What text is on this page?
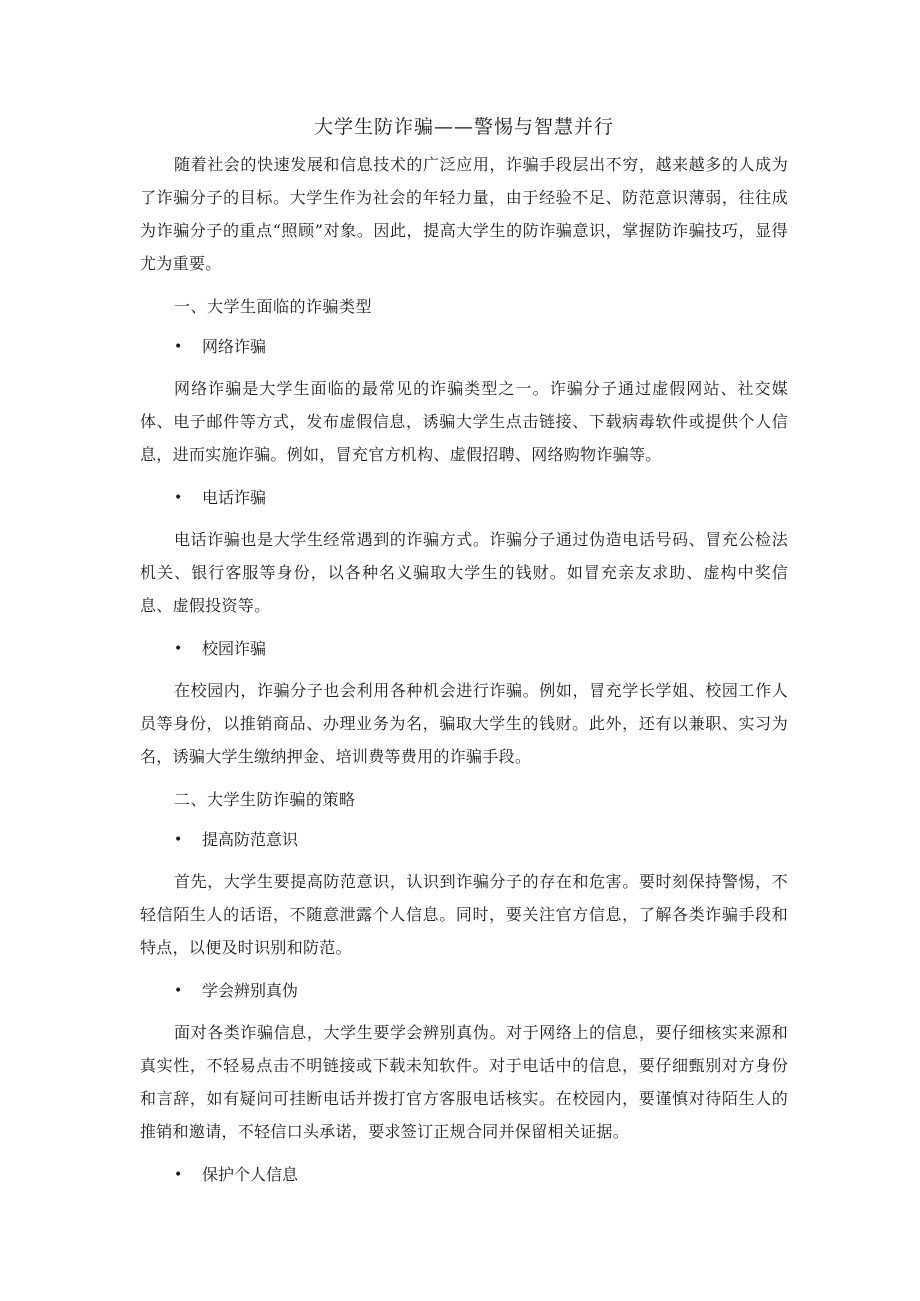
大学生防诈骗——警惕与智慧并行

随着社会的快速发展和信息技术的广泛应用，诈骗手段层出不穷，越来越多的人成为了诈骗分子的目标。大学生作为社会的年轻力量，由于经验不足、防范意识薄弱，往往成为诈骗分子的重点“照顾”对象。因此，提高大学生的防诈骗意识，掌握防诈骗技巧，显得尤为重要。

一、大学生面临的诈骗类型
•	网络诈骗

网络诈骗是大学生面临的最常见的诈骗类型之一。诈骗分子通过虚假网站、社交媒体、电子邮件等方式，发布虚假信息，诱骗大学生点击链接、下载病毒软件或提供个人信息，进而实施诈骗。例如，冒充官方机构、虚假招聘、网络购物诈骗等。

•	电话诈骗

电话诈骗也是大学生经常遇到的诈骗方式。诈骗分子通过伪造电话号码、冒充公检法机关、银行客服等身份，以各种名义骗取大学生的钱财。如冒充亲友求助、虚构中奖信息、虚假投资等。

•	校园诈骗

在校园内，诈骗分子也会利用各种机会进行诈骗。例如，冒充学长学姐、校园工作人员等身份，以推销商品、办理业务为名，骗取大学生的钱财。此外，还有以兼职、实习为名，诱骗大学生缴纳押金、培训费等费用的诈骗手段。

二、大学生防诈骗的策略
•	提高防范意识

首先，大学生要提高防范意识，认识到诈骗分子的存在和危害。要时刻保持警惕，不轻信陌生人的话语，不随意泄露个人信息。同时，要关注官方信息，了解各类诈骗手段和特点，以便及时识别和防范。

•	学会辨别真伪

面对各类诈骗信息，大学生要学会辨别真伪。对于网络上的信息，要仔细核实来源和真实性，不轻易点击不明链接或下载未知软件。对于电话中的信息，要仔细甄别对方身份和言辞，如有疑问可挂断电话并拨打官方客服电话核实。在校园内，要谨慎对待陌生人的推销和邀请，不轻信口头承诺，要求签订正规合同并保留相关证据。

•	保护个人信息
